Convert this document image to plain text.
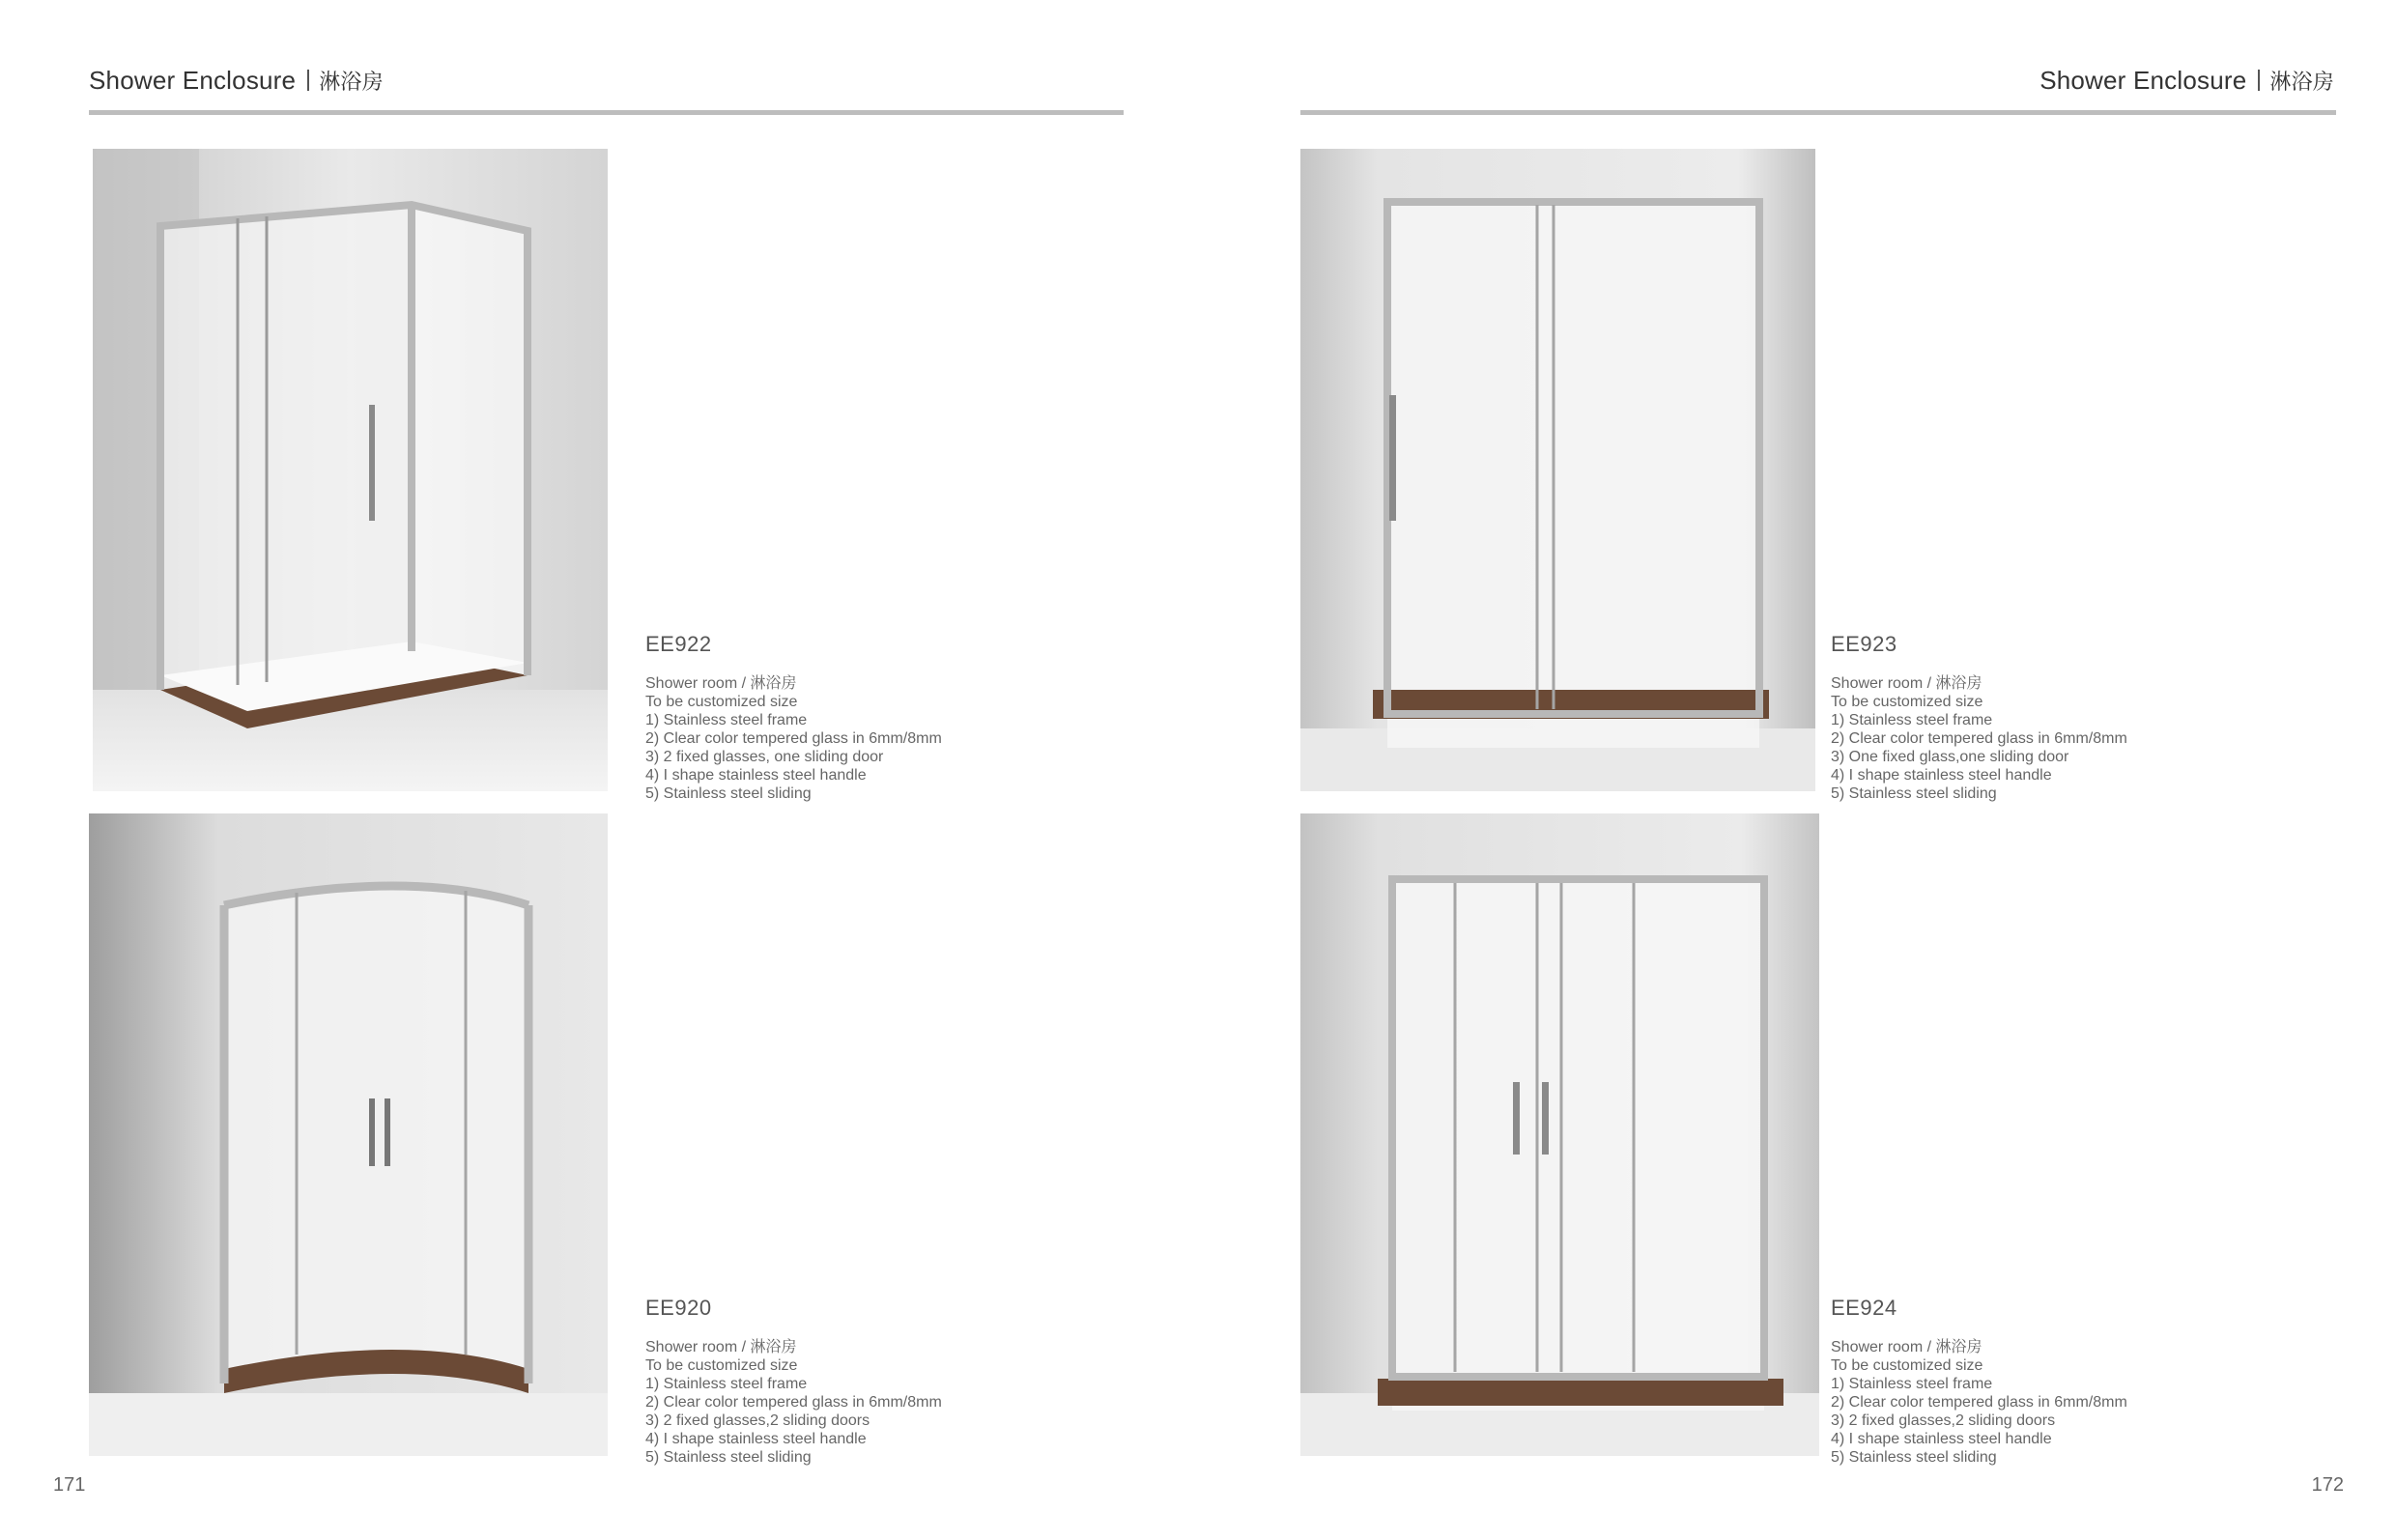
Shower Enclosure 淋浴房
EE922
Shower room / 淋浴房
To be customized size
1) Stainless steel frame
2) Clear color tempered glass in 6mm/8mm
3) 2 fixed glasses, one sliding door
4) I shape stainless steel handle
5) Stainless steel sliding
EE920
Shower room / 淋浴房
To be customized size
1) Stainless steel frame
2) Clear color tempered glass in 6mm/8mm
3) 2 fixed glasses,2 sliding doors
4) I shape stainless steel handle
5) Stainless steel sliding
171
Shower Enclosure 淋浴房
EE923
Shower room / 淋浴房
To be customized size
1) Stainless steel frame
2) Clear color tempered glass in 6mm/8mm
3) One fixed glass,one sliding door
4) I shape stainless steel handle
5) Stainless steel sliding
EE924
Shower room / 淋浴房
To be customized size
1) Stainless steel frame
2) Clear color tempered glass in 6mm/8mm
3) 2 fixed glasses,2 sliding doors
4) I shape stainless steel handle
5) Stainless steel sliding
172
